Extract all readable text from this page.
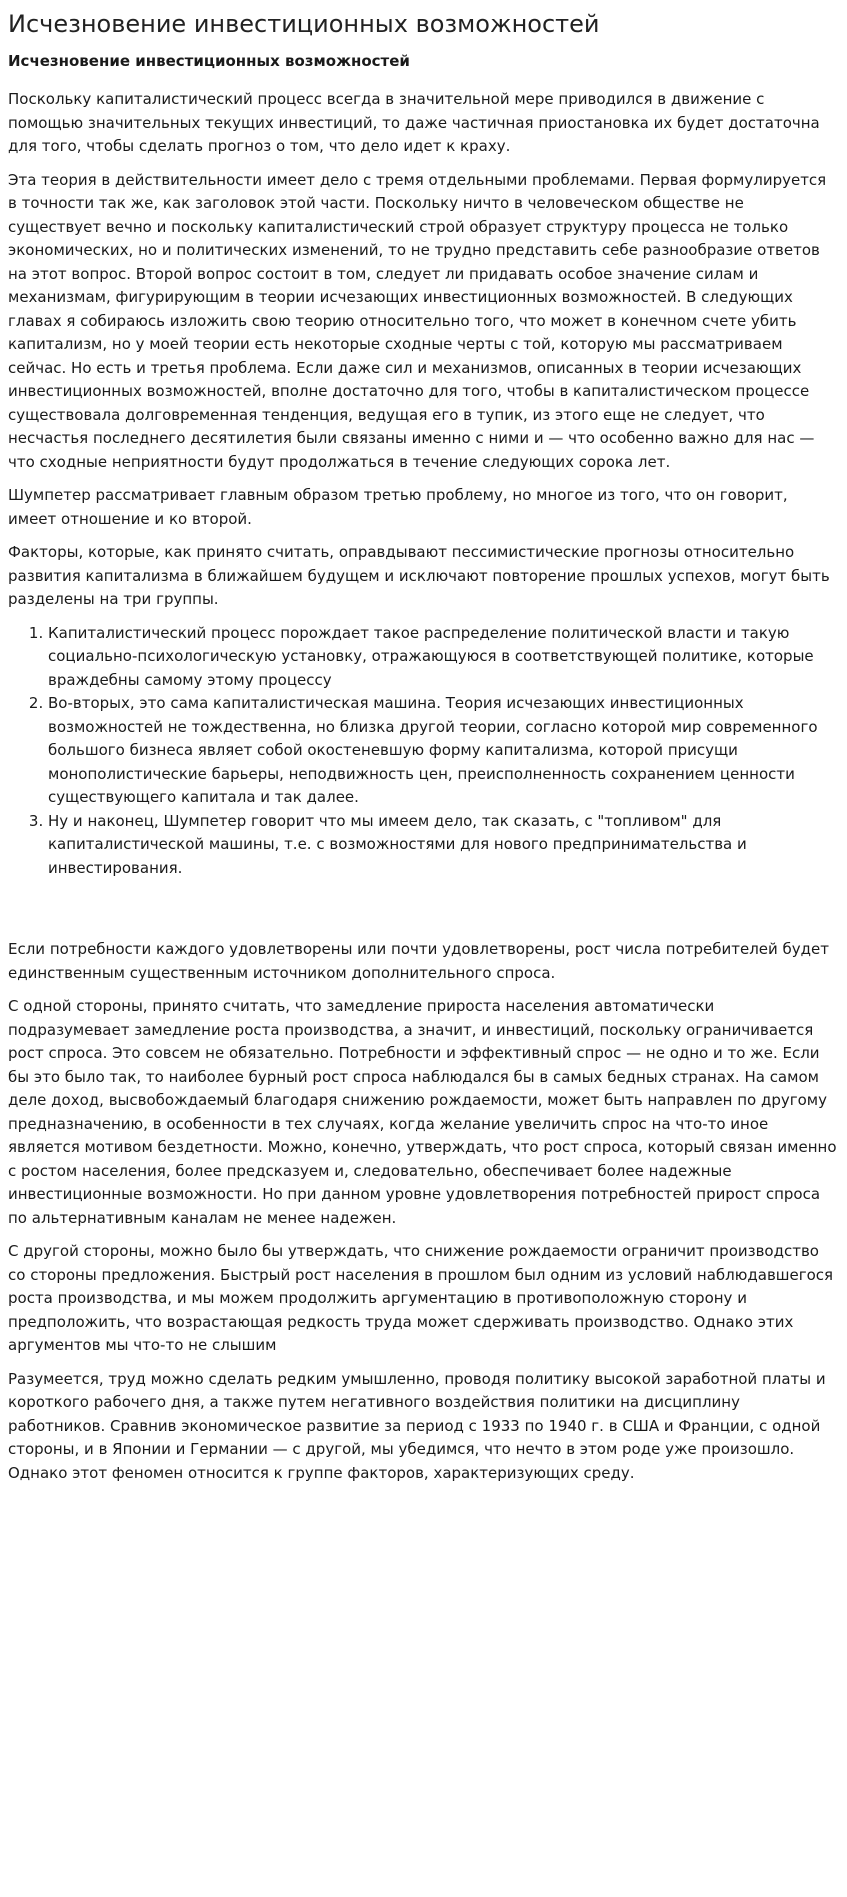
Исчезновение инвестиционных возможностей
Исчезновение инвестиционных возможностей

Поскольку капиталистический процесс всегда в значительной мере приводился в движение с помощью значительных текущих инвестиций, то даже частичная приостановка их будет достаточна для того, чтобы сделать прогноз о том, что дело идет к краху.

Эта теория в действительности имеет дело с тремя отдельными проблемами. Первая формулируется в точности так же, как заголовок этой части. Поскольку ничто в человеческом обществе не существует вечно и поскольку капиталистический строй образует структуру процесса не только экономических, но и политических изменений, то не трудно представить себе разнообразие ответов на этот вопрос. Второй вопрос состоит в том, следует ли придавать особое значение силам и механизмам, фигурирующим в теории исчезающих инвестиционных возможностей. В следующих главах я собираюсь изложить свою теорию относительно того, что может в конечном счете убить капитализм, но у моей теории есть некоторые сходные черты с той, которую мы рассматриваем сейчас. Но есть и третья проблема. Если даже сил и механизмов, описанных в теории исчезающих инвестиционных возможностей, вполне достаточно для того, чтобы в капиталистическом процессе существовала долговременная тенденция, ведущая его в тупик, из этого еще не следует, что несчастья последнего десятилетия были связаны именно с ними и — что особенно важно для нас — что сходные неприятности будут продолжаться в течение следующих сорока лет.

Шумпетер рассматривает главным образом третью проблему, но многое из того, что он говорит, имеет отношение и ко второй.

Факторы, которые, как принято считать, оправдывают пессимистические прогнозы относительно развития капитализма в ближайшем будущем и исключают повторение прошлых успехов, могут быть разделены на три группы.

1. Капиталистический процесс порождает такое распределение политической власти и такую социально-психологическую установку, отражающуюся в соответствующей политике, которые враждебны самому этому процессу
2. Во-вторых, это сама капиталистическая машина. Теория исчезающих инвестиционных возможностей не тождественна, но близка другой теории, согласно которой мир современного большого бизнеса являет собой окостеневшую форму капитализма, которой присущи монополистические барьеры, неподвижность цен, преисполненность сохранением ценности существующего капитала и так далее.
3. Ну и наконец, Шумпетер говорит что мы имеем дело, так сказать, с "топливом" для капиталистической машины, т.е. с возможностями для нового предпринимательства и инвестирования.

Если потребности каждого удовлетворены или почти удовлетворены, рост числа потребителей будет единственным существенным источником дополнительного спроса.

С одной стороны, принято считать, что замедление прироста населения автоматически подразумевает замедление роста производства, а значит, и инвестиций, поскольку ограничивается рост спроса. Это совсем не обязательно. Потребности и эффективный спрос — не одно и то же. Если бы это было так, то наиболее бурный рост спроса наблюдался бы в самых бедных странах. На самом деле доход, высвобождаемый благодаря снижению рождаемости, может быть направлен по другому предназначению, в особенности в тех случаях, когда желание увеличить спрос на что-то иное является мотивом бездетности. Можно, конечно, утверждать, что рост спроса, который связан именно с ростом населения, более предсказуем и, следовательно, обеспечивает более надежные инвестиционные возможности. Но при данном уровне удовлетворения потребностей прирост спроса по альтернативным каналам не менее надежен.

С другой стороны, можно было бы утверждать, что снижение рождаемости ограничит производство со стороны предложения. Быстрый рост населения в прошлом был одним из условий наблюдавшегося роста производства, и мы можем продолжить аргументацию в противоположную сторону и предположить, что возрастающая редкость труда может сдерживать производство. Однако этих аргументов мы что-то не слышим

Разумеется, труд можно сделать редким умышленно, проводя политику высокой заработной платы и короткого рабочего дня, а также путем негативного воздействия политики на дисциплину работников. Сравнив экономическое развитие за период с 1933 по 1940 г. в США и Франции, с одной стороны, и в Японии и Германии — с другой, мы убедимся, что нечто в этом роде уже произошло. Однако этот феномен относится к группе факторов, характеризующих среду.
